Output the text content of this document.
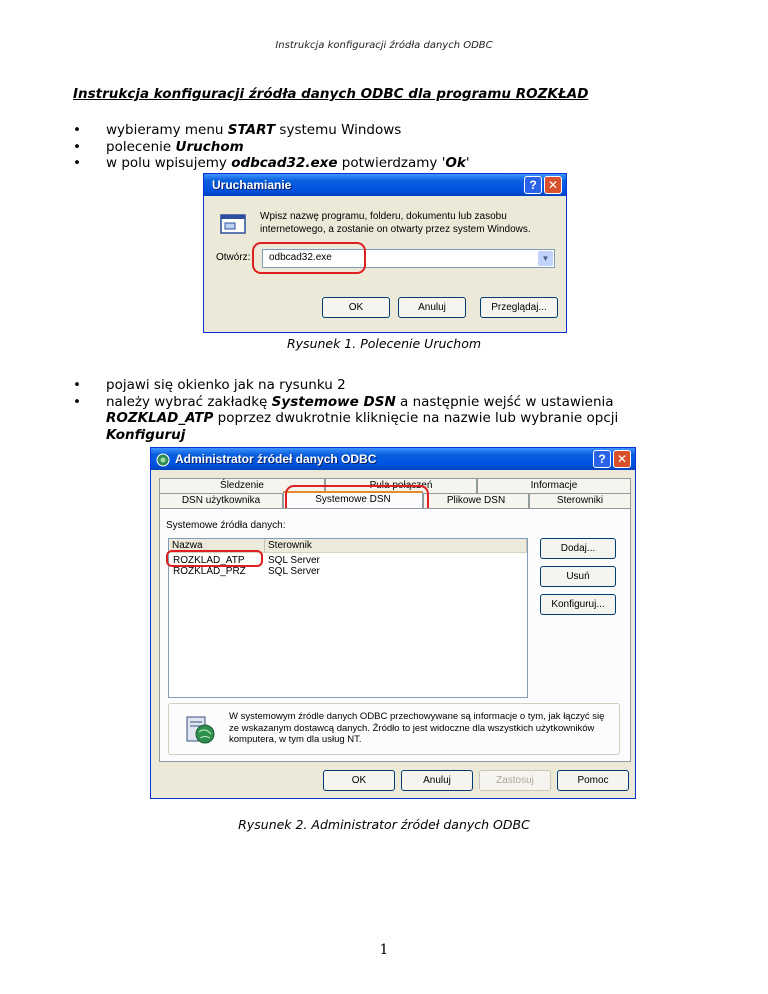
Instrukcja konfiguracji źródła danych ODBC
Instrukcja konfiguracji źródła danych ODBC dla programu ROZKŁAD
• wybieramy menu START systemu Windows
• polecenie Uruchom
• w polu wpisujemy odbcad32.exe potwierdzamy 'Ok'
Uruchamianie	? ✕
Wpisz nazwę programu, folderu, dokumentu lub zasobu internetowego, a zostanie on otwarty przez system Windows.
Otwórz: odbcad32.exe	▼
OK	Anuluj	Przeglądaj...
Rysunek 1. Polecenie Uruchom
• pojawi się okienko jak na rysunku 2
• należy wybrać zakładkę Systemowe DSN a następnie wejść w ustawienia ROZKLAD_ATP poprzez dwukrotnie kliknięcie na nazwie lub wybranie opcji Konfiguruj
Administrator źródeł danych ODBC	? ✕
Śledzenie	Pula połączeń	Informacje
DSN użytkownika	Systemowe DSN	Plikowe DSN	Sterowniki
Systemowe źródła danych:
Nazwa	Sterownik
ROZKLAD_ATP SQL Server
ROZKLAD_PRZ SQL Server
Dodaj...
Usuń
Konfiguruj...
W systemowym źródle danych ODBC przechowywane są informacje o tym, jak łączyć się ze wskazanym dostawcą danych. Źródło to jest widoczne dla wszystkich użytkowników komputera, w tym dla usług NT.
OK	Anuluj	Zastosuj	Pomoc
Rysunek 2. Administrator źródeł danych ODBC
1
